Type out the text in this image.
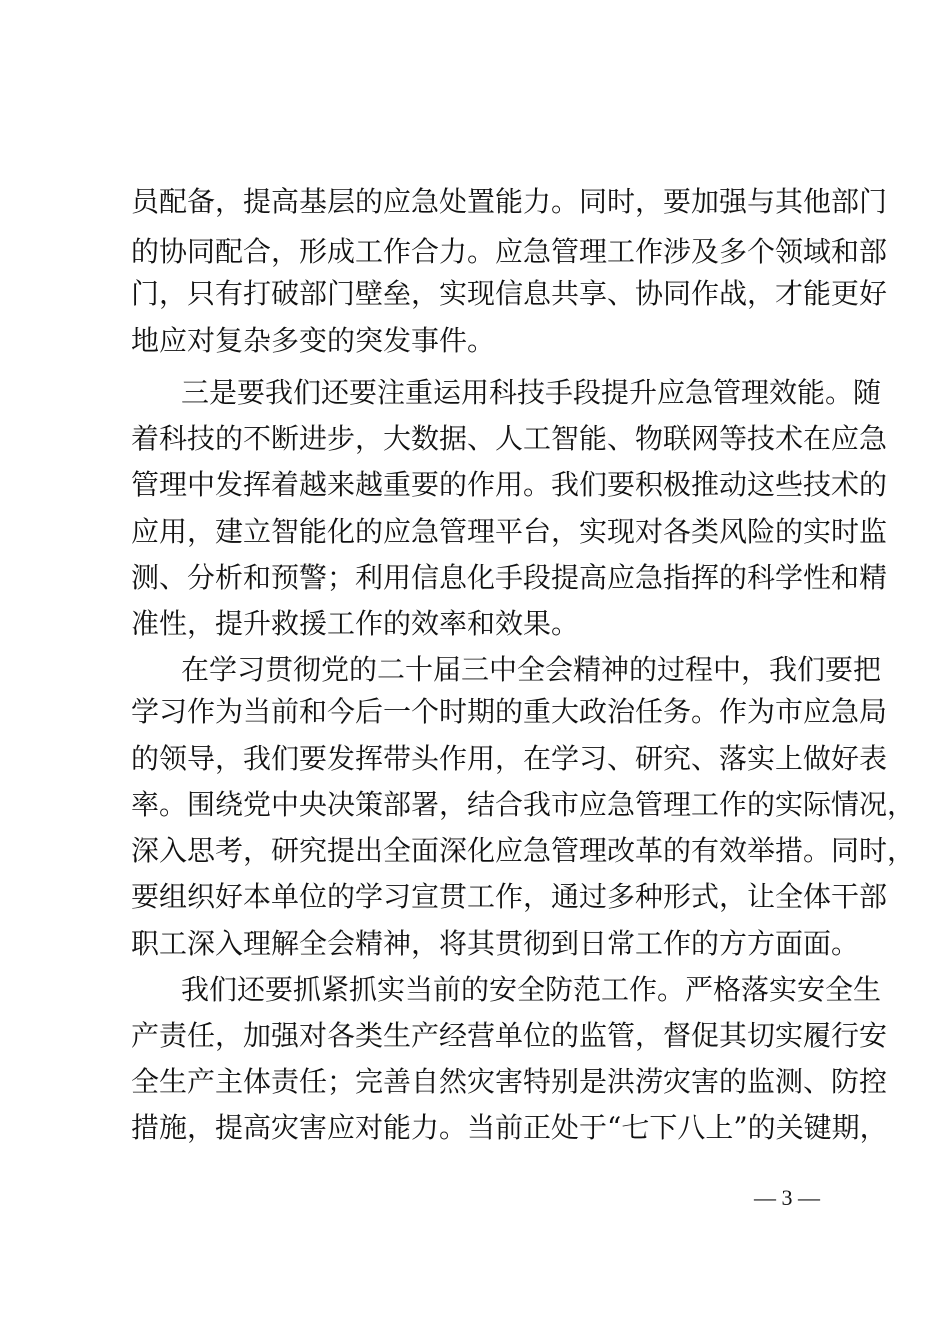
员配备，提高基层的应急处置能力。同时，要加强与其他部门
的协同配合，形成工作合力。应急管理工作涉及多个领域和部
门，只有打破部门壁垒，实现信息共享、协同作战，才能更好
地应对复杂多变的突发事件。
三是要我们还要注重运用科技手段提升应急管理效能。随
着科技的不断进步，大数据、人工智能、物联网等技术在应急
管理中发挥着越来越重要的作用。我们要积极推动这些技术的
应用，建立智能化的应急管理平台，实现对各类风险的实时监
测、分析和预警；利用信息化手段提高应急指挥的科学性和精
准性，提升救援工作的效率和效果。
在学习贯彻党的二十届三中全会精神的过程中，我们要把
学习作为当前和今后一个时期的重大政治任务。作为市应急局
的领导，我们要发挥带头作用，在学习、研究、落实上做好表
率。围绕党中央决策部署，结合我市应急管理工作的实际情况，
深入思考，研究提出全面深化应急管理改革的有效举措。同时，
要组织好本单位的学习宣贯工作，通过多种形式，让全体干部
职工深入理解全会精神，将其贯彻到日常工作的方方面面。
我们还要抓紧抓实当前的安全防范工作。严格落实安全生
产责任，加强对各类生产经营单位的监管，督促其切实履行安
全生产主体责任；完善自然灾害特别是洪涝灾害的监测、防控
措施，提高灾害应对能力。当前正处于“七下八上”的关键期，
— 3 —
